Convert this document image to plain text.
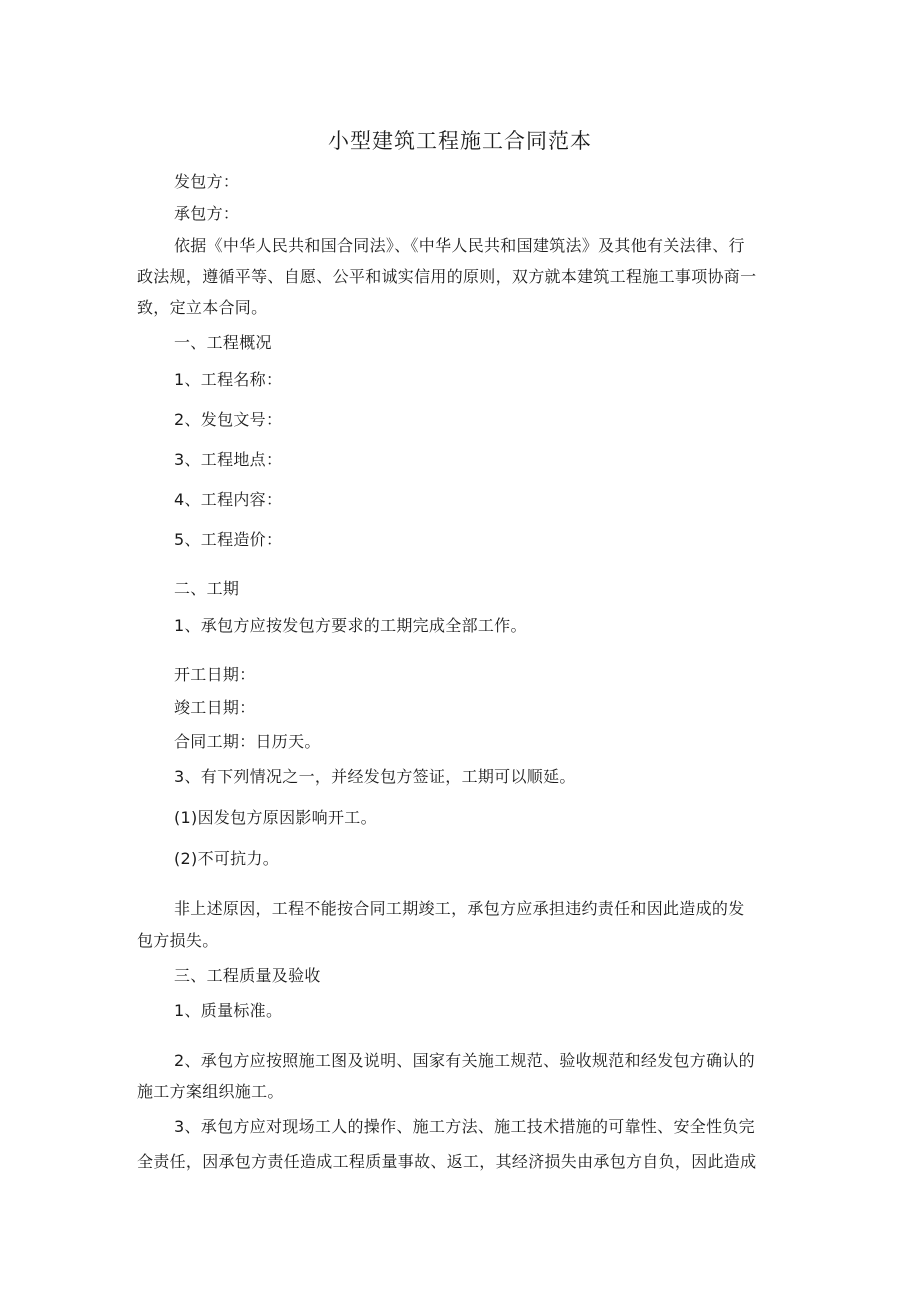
小型建筑工程施工合同范本
发包方：
承包方：
依据《中华人民共和国合同法》、《中华人民共和国建筑法》及其他有关法律、行
政法规，遵循平等、自愿、公平和诚实信用的原则，双方就本建筑工程施工事项协商一
致，定立本合同。
一、工程概况
1、工程名称：
2、发包文号：
3、工程地点：
4、工程内容：
5、工程造价：
二、工期
1、承包方应按发包方要求的工期完成全部工作。
开工日期：
竣工日期：
合同工期：日历天。
3、有下列情况之一，并经发包方签证，工期可以顺延。
(1)因发包方原因影响开工。
(2)不可抗力。
非上述原因，工程不能按合同工期竣工，承包方应承担违约责任和因此造成的发
包方损失。
三、工程质量及验收
1、质量标准。
2、承包方应按照施工图及说明、国家有关施工规范、验收规范和经发包方确认的
施工方案组织施工。
3、承包方应对现场工人的操作、施工方法、施工技术措施的可靠性、安全性负完
全责任，因承包方责任造成工程质量事故、返工，其经济损失由承包方自负，因此造成
